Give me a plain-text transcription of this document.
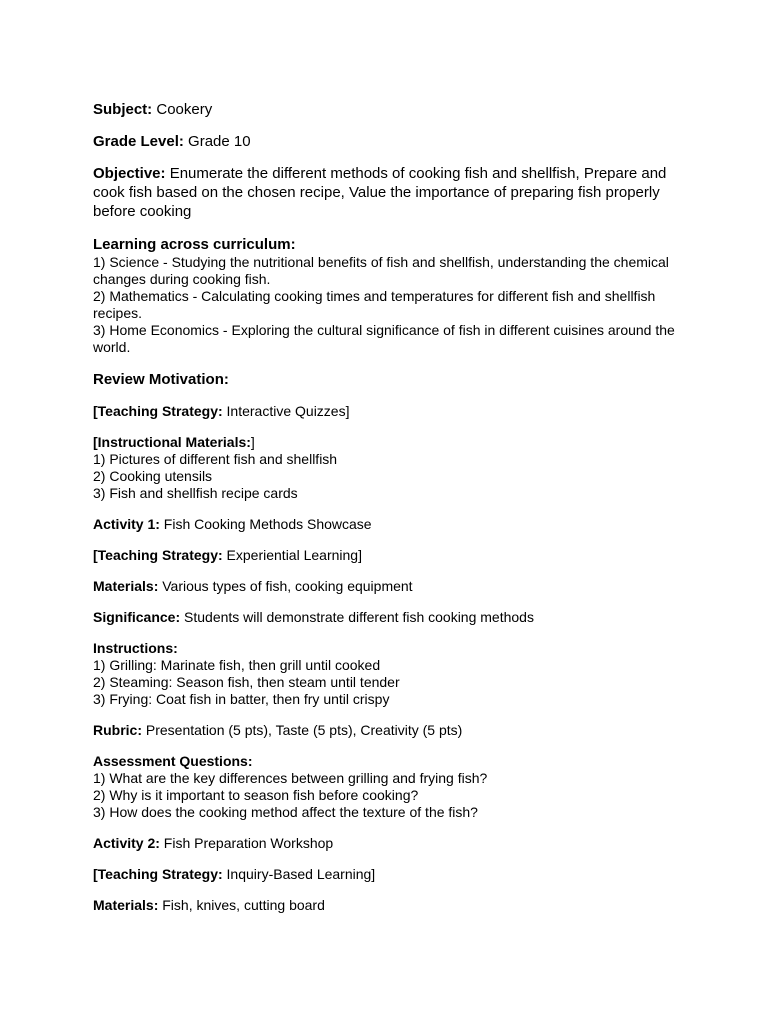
Subject: Cookery

Grade Level: Grade 10

Objective: Enumerate the different methods of cooking fish and shellfish, Prepare and cook fish based on the chosen recipe, Value the importance of preparing fish properly before cooking

Learning across curriculum:

1) Science - Studying the nutritional benefits of fish and shellfish, understanding the chemical changes during cooking fish.

2) Mathematics - Calculating cooking times and temperatures for different fish and shellfish recipes.

3) Home Economics - Exploring the cultural significance of fish in different cuisines around the world.

Review Motivation:

[Teaching Strategy: Interactive Quizzes]

[Instructional Materials:]

1) Pictures of different fish and shellfish

2) Cooking utensils

3) Fish and shellfish recipe cards

Activity 1: Fish Cooking Methods Showcase

[Teaching Strategy: Experiential Learning]

Materials: Various types of fish, cooking equipment

Significance: Students will demonstrate different fish cooking methods

Instructions:

1) Grilling: Marinate fish, then grill until cooked

2) Steaming: Season fish, then steam until tender

3) Frying: Coat fish in batter, then fry until crispy

Rubric: Presentation (5 pts), Taste (5 pts), Creativity (5 pts)

Assessment Questions:

1) What are the key differences between grilling and frying fish?

2) Why is it important to season fish before cooking?

3) How does the cooking method affect the texture of the fish?

Activity 2: Fish Preparation Workshop

[Teaching Strategy: Inquiry-Based Learning]

Materials: Fish, knives, cutting board
